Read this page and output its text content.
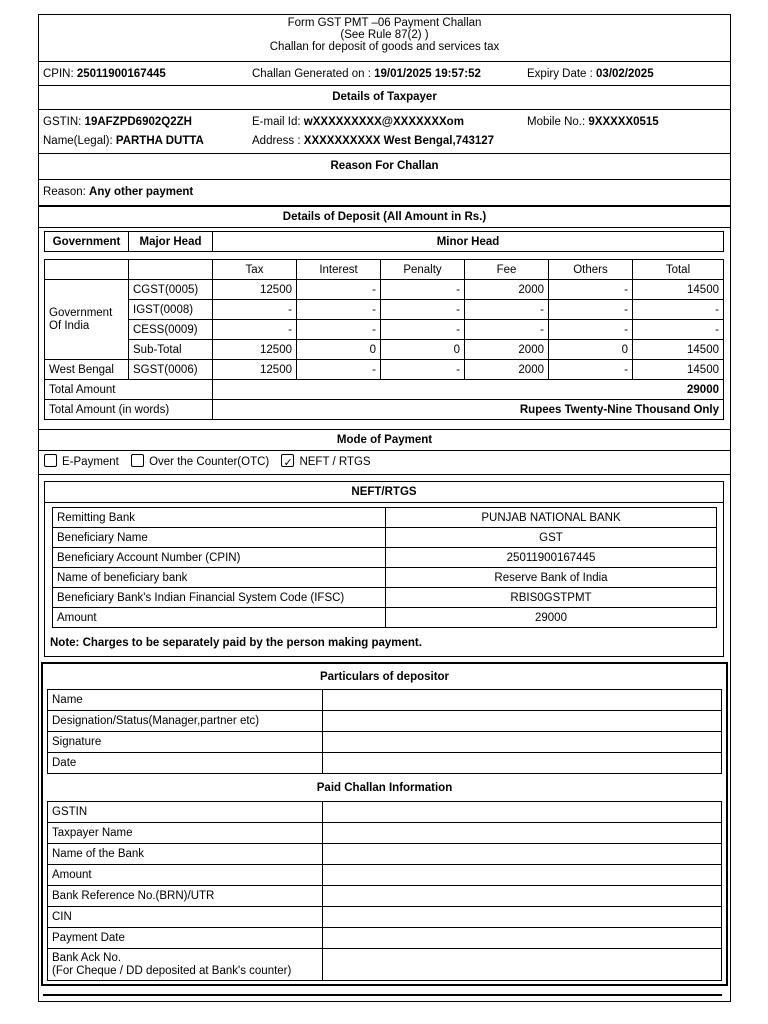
Form GST PMT –06 Payment Challan
(See Rule 87(2) )
Challan for deposit of goods and services tax
CPIN: 25011900167445	Challan Generated on : 19/01/2025 19:57:52	Expiry Date : 03/02/2025
Details of Taxpayer
GSTIN: 19AFZPD6902Q2ZH	E-mail Id: wXXXXXXXXX@XXXXXXXom	Mobile No.: 9XXXXX0515
Name(Legal): PARTHA DUTTA	Address : XXXXXXXXXX West Bengal,743127
Reason For Challan
Reason: Any other payment
Details of Deposit (All Amount in Rs.)
Government	Major Head	Minor Head
		Tax	Interest	Penalty	Fee	Others	Total
Government Of India	CGST(0005)	12500	-	-	2000	-	14500
	IGST(0008)	-	-	-	-	-	-
	CESS(0009)	-	-	-	-	-	-
	Sub-Total	12500	0	0	2000	0	14500
West Bengal	SGST(0006)	12500	-	-	2000	-	14500
Total Amount		29000					
Total Amount (in words)		Rupees Twenty-Nine Thousand Only					
Mode of Payment
E-Payment	Over the Counter(OTC) ✓	NEFT / RTGS
NEFT/RTGS
Remitting Bank	PUNJAB NATIONAL BANK
Beneficiary Name	GST
Beneficiary Account Number (CPIN)	25011900167445
Name of beneficiary bank	Reserve Bank of India
Beneficiary Bank's Indian Financial System Code (IFSC)	RBIS0GSTPMT
Amount	29000
Note: Charges to be separately paid by the person making payment.
Particulars of depositor
Name	
Designation/Status(Manager,partner etc)	
Signature	
Date	
Paid Challan Information
GSTIN	
Taxpayer Name	
Name of the Bank	
Amount	
Bank Reference No.(BRN)/UTR	
CIN	
Payment Date	

Bank Ack No.
(For Cheque / DD deposited at Bank's counter)	
